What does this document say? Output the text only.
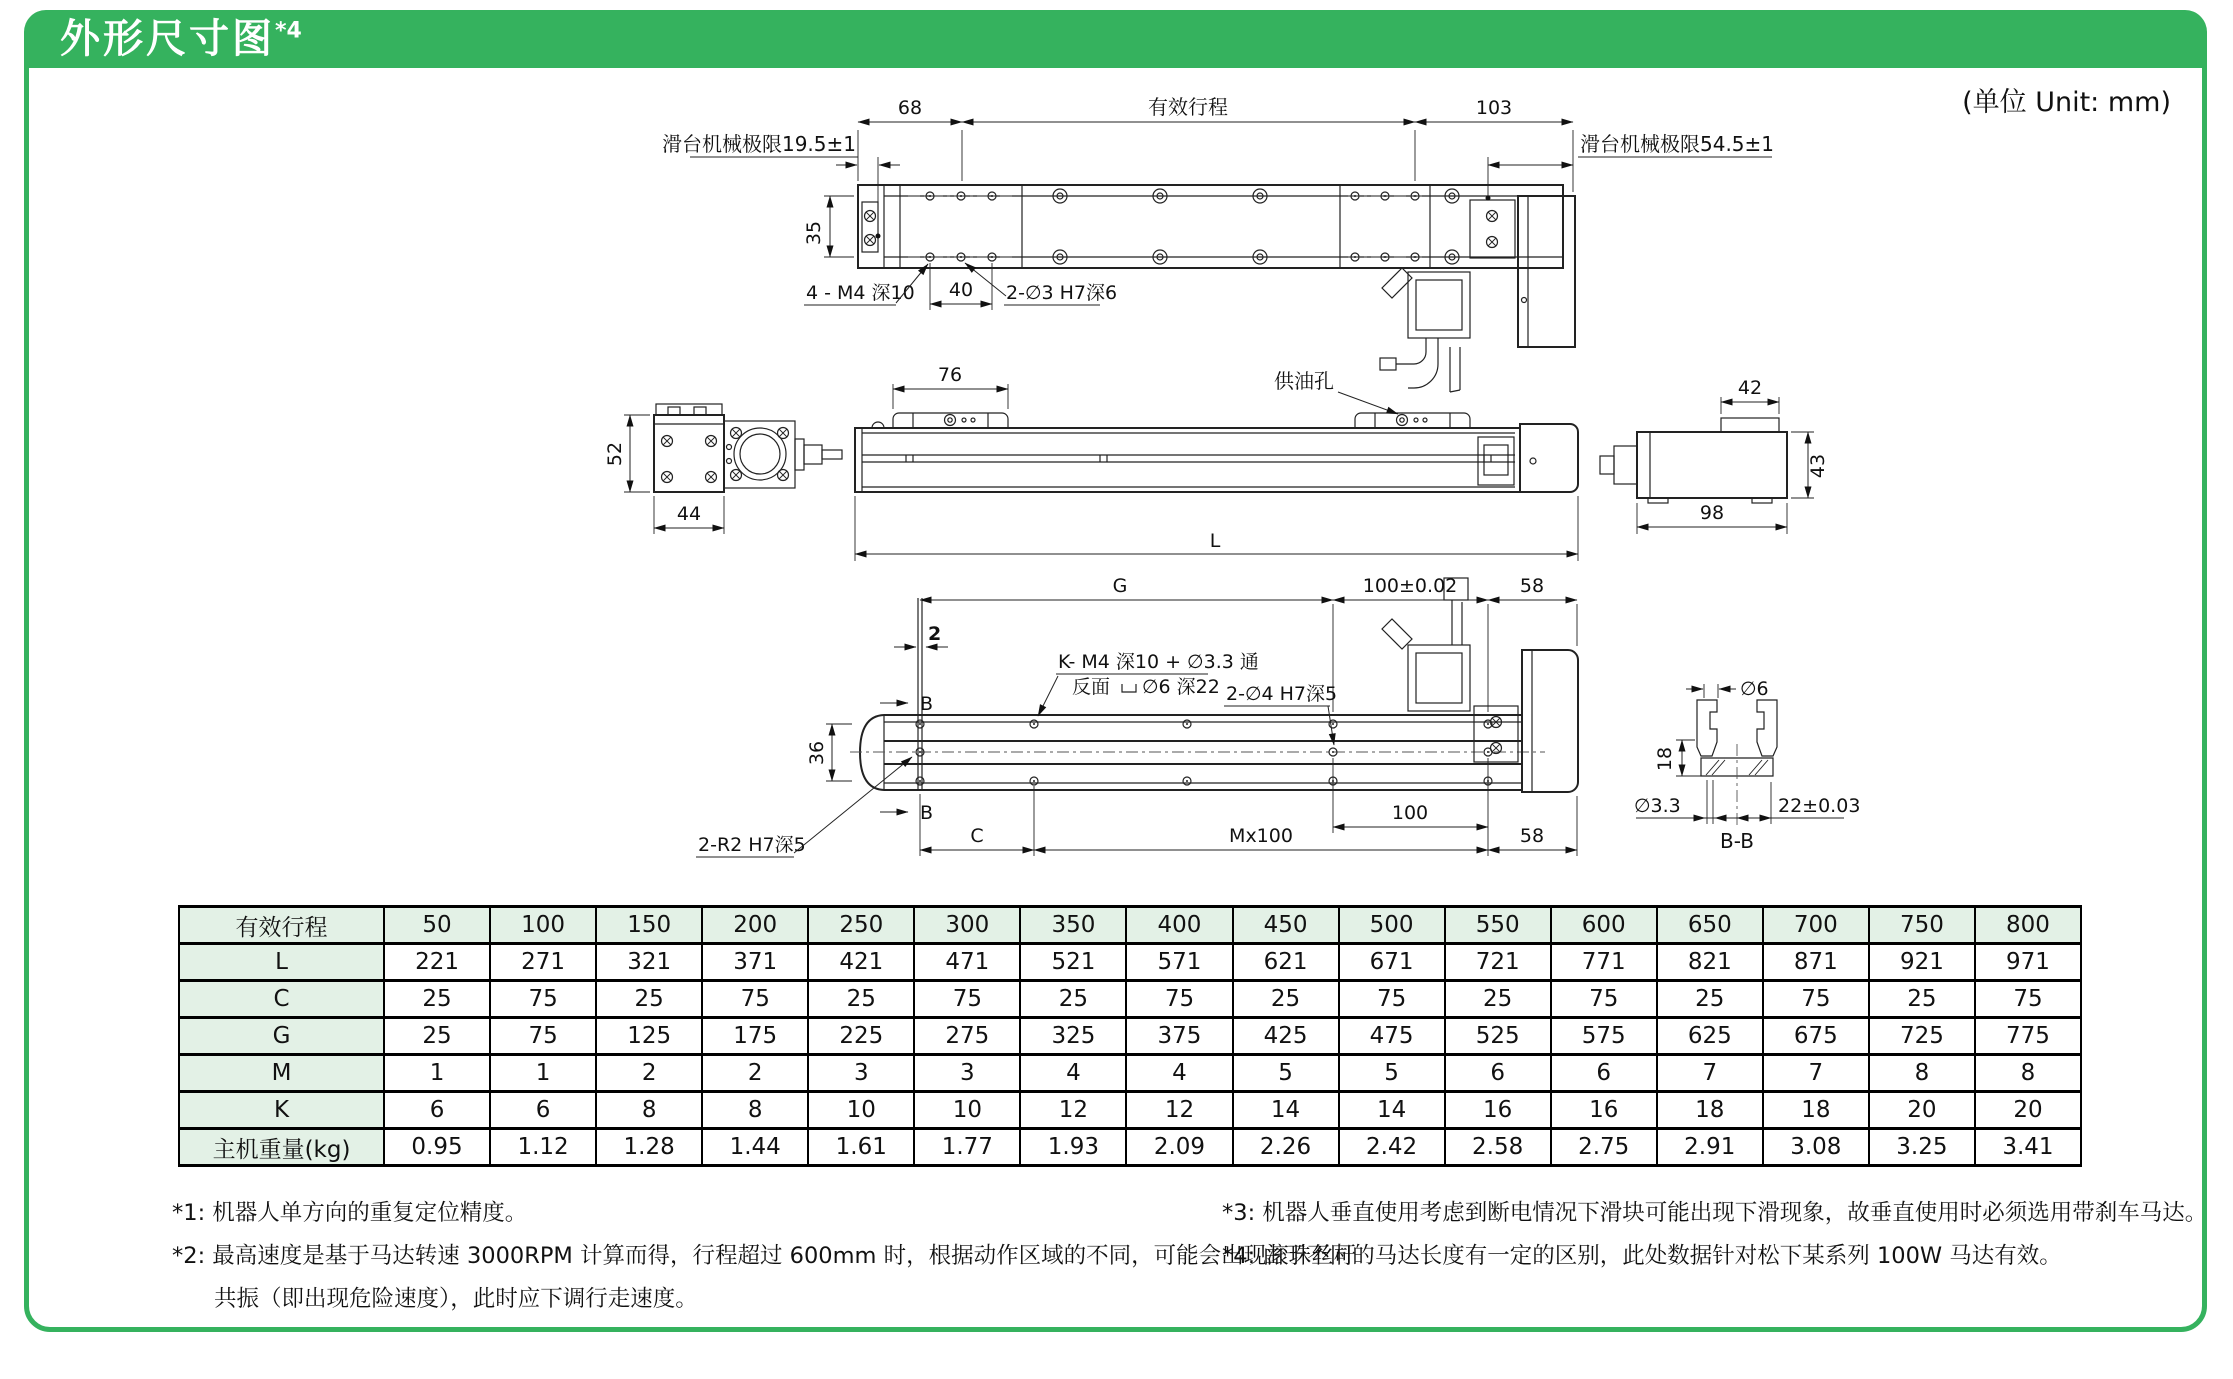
外形尺寸图$^{*4}$
(单位 Unit: mm)
68	有效行程	103
滑台机械极限19.5±1	滑台机械极限54.5±1
35
4 - M4 深10 40 2-∅3 H7深6
52
44
76	供油孔
L
42
43
98
G	100±0.02	58
2
K- M4 深10 + ∅3.3 通
反面 ∅6 深22 2-∅4 H7深5
36
B
B
2-R2 H7深5
100
C	Mx100	58
∅6
18
∅3.3	22±0.03
B-B
有效行程	50	100	150	200	250	300	350	400	450	500	550	600	650	700	750	800
L	221	271	321	371	421	471	521	571	621	671	721	771	821	871	921	971
C	25	75	25	75	25	75	25	75	25	75	25	75	25	75	25	75
G	25	75	125	175	225	275	325	375	425	475	525	575	625	675	725	775
M	1	1	2	2	3	3	4	4	5	5	6	6	7	7	8	8
K	6	6	8	8	10	10	12	12	14	14	16	16	18	18	20	20
主机重量(kg)	0.95	1.12	1.28	1.44	1.61	1.77	1.93	2.09	2.26	2.42	2.58	2.75	2.91	3.08	3.25	3.41
*1: 机器人单方向的重复定位精度。
*2: 最高速度是基于马达转速 3000RPM 计算而得，行程超过 600mm 时，根据动作区域的不同，可能会出现滚珠丝杆
共振（即出现危险速度），此时应下调行走速度。
*3: 机器人垂直使用考虑到断电情况下滑块可能出现下滑现象，故垂直使用时必须选用带刹车马达。
*4: 由于不同的马达长度有一定的区别，此处数据针对松下某系列 100W 马达有效。
